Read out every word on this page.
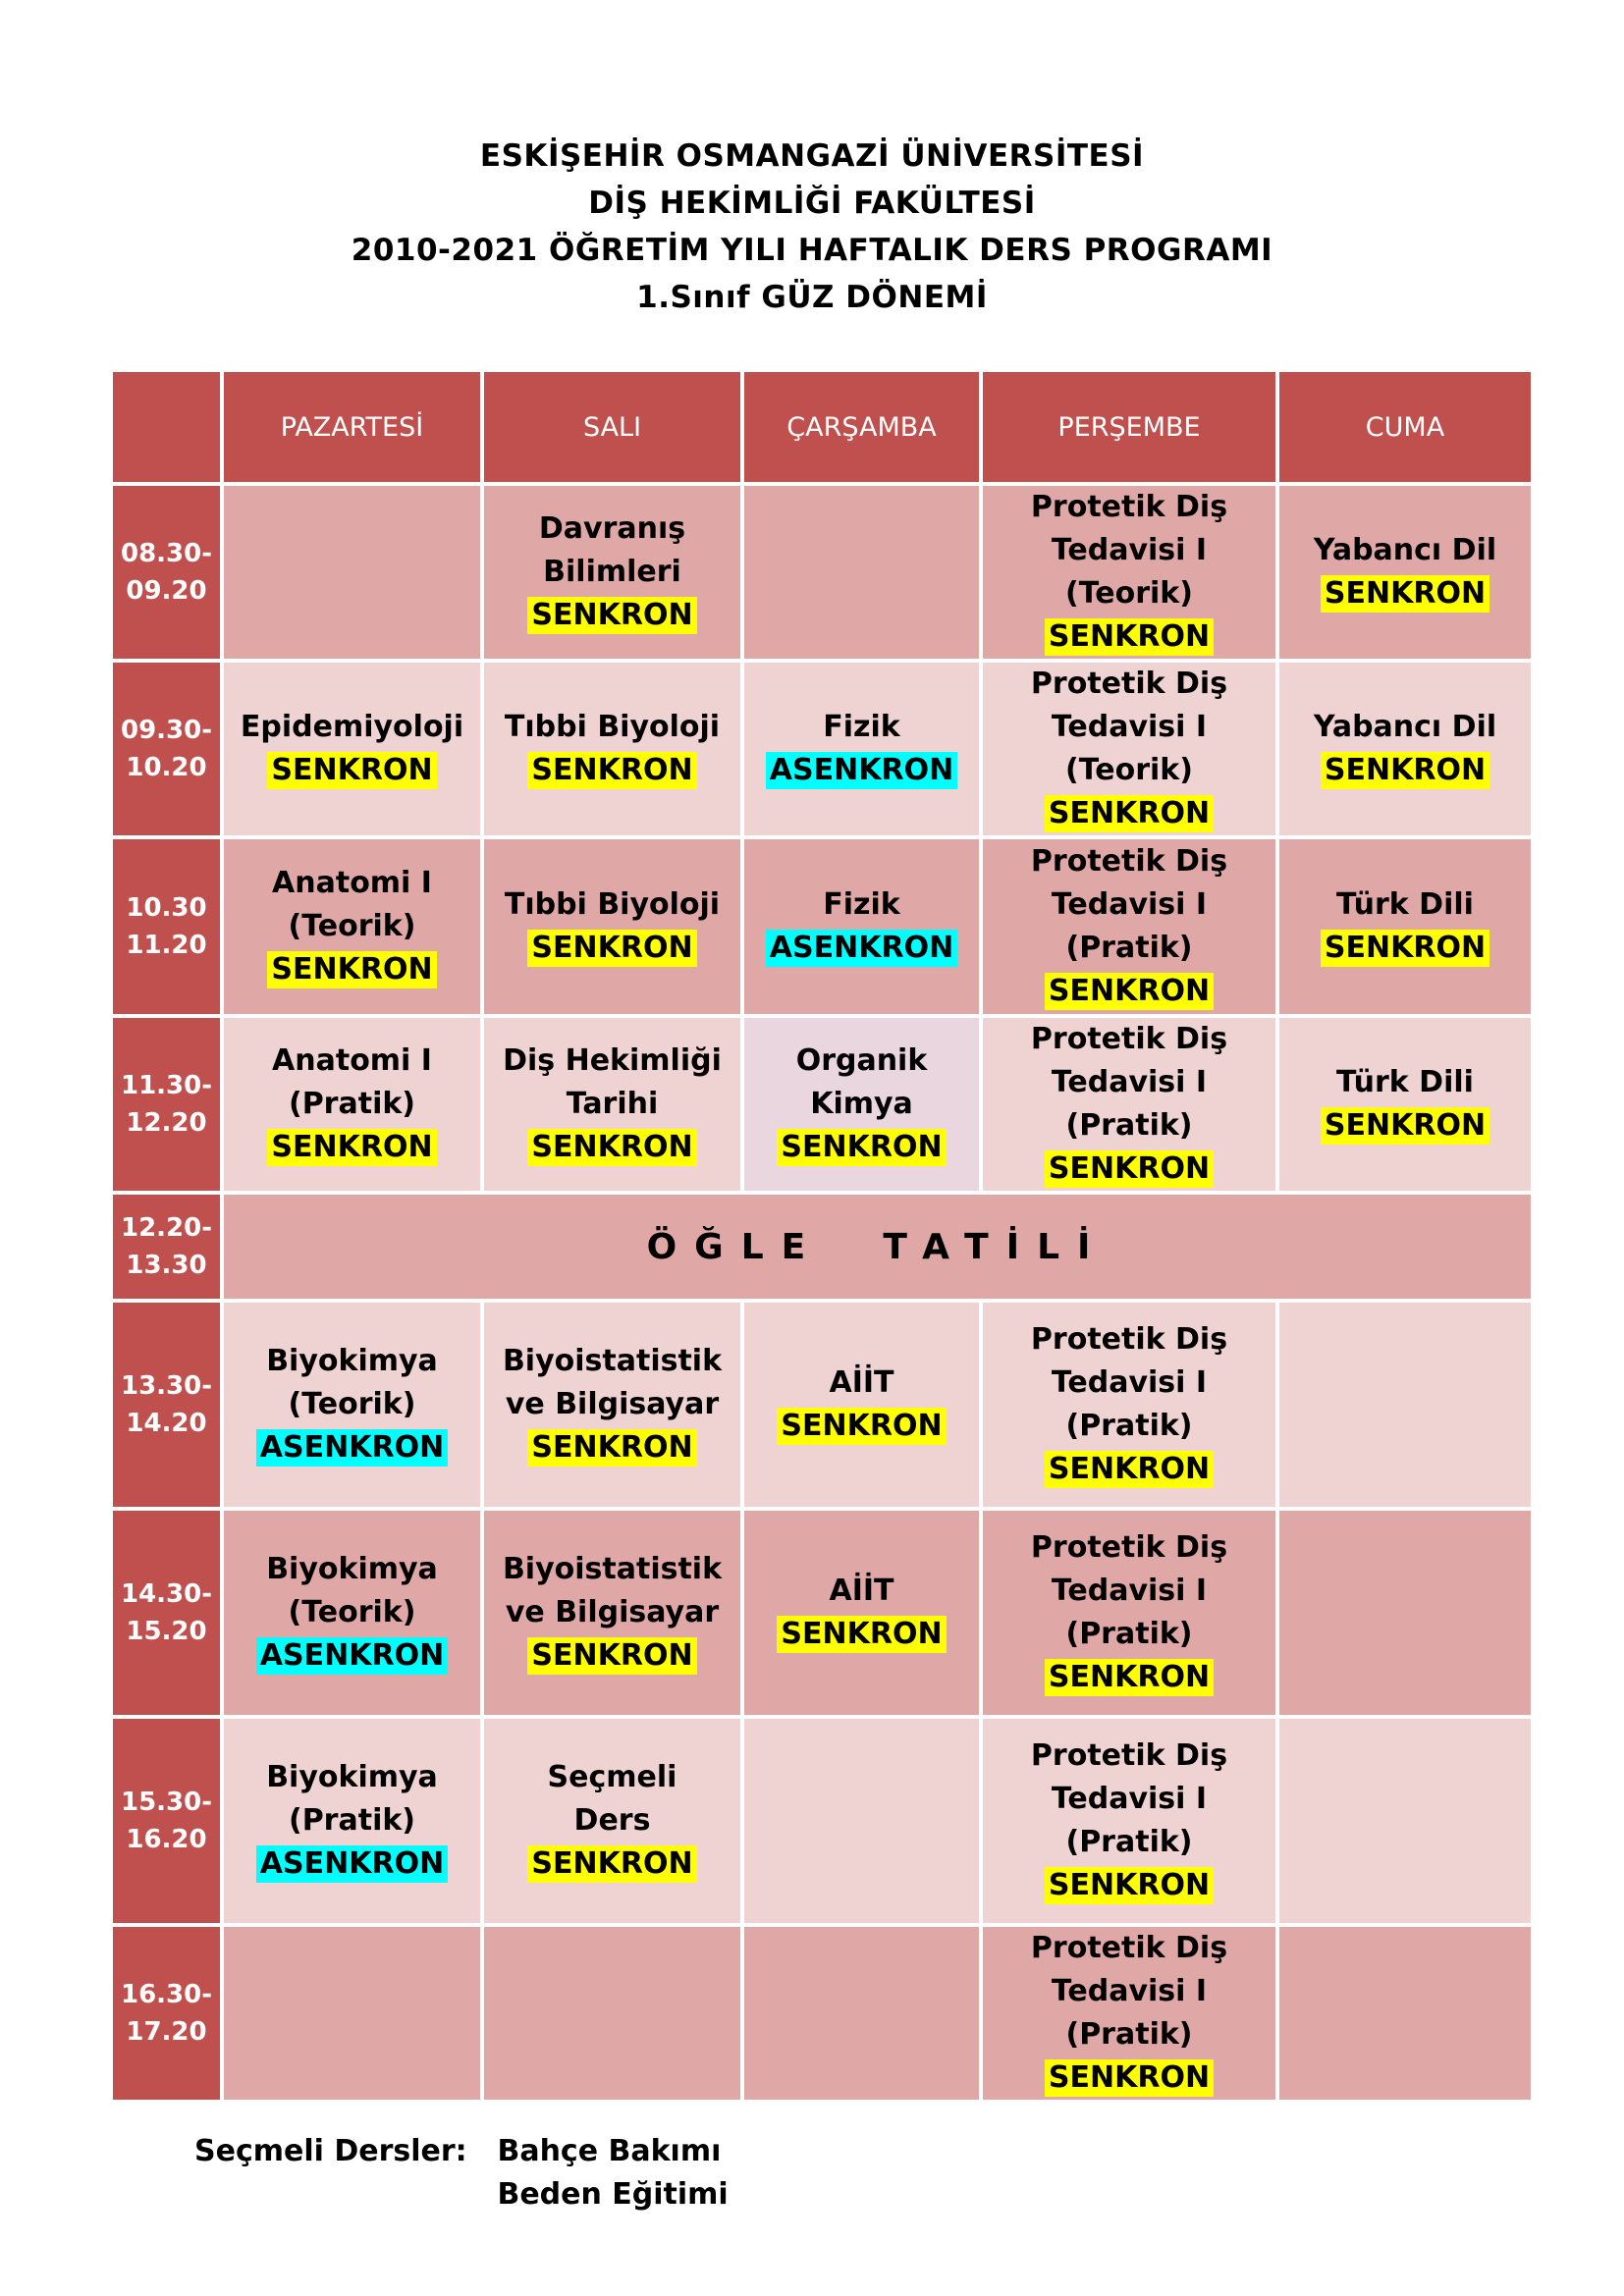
ESKİŞEHİR OSMANGAZİ ÜNİVERSİTESİ
DİŞ HEKİMLİĞİ FAKÜLTESİ
2010-2021 ÖĞRETİM YILI HAFTALIK DERS PROGRAMI
1.Sınıf GÜZ DÖNEMİ
	PAZARTESİ	SALI	ÇARŞAMBA	PERŞEMBE	CUMA

08.30-
09.20		Davranış
Bilimleri
SENKRON		Protetik Diş
Tedavisi I
(Teorik)
SENKRON	Yabancı Dil
SENKRON

09.30-
10.20	Epidemiyoloji
SENKRON	Tıbbi Biyoloji
SENKRON	Fizik
ASENKRON	Protetik Diş
Tedavisi I
(Teorik)
SENKRON	Yabancı Dil
SENKRON

10.30
11.20	Anatomi I
(Teorik)
SENKRON	Tıbbi Biyoloji
SENKRON	Fizik
ASENKRON	Protetik Diş
Tedavisi I
(Pratik)
SENKRON	Türk Dili
SENKRON

11.30-
12.20	Anatomi I
(Pratik)
SENKRON	Diş Hekimliği
Tarihi
SENKRON	Organik
Kimya
SENKRON	Protetik Diş
Tedavisi I
(Pratik)
SENKRON	Türk Dili
SENKRON

12.20-
13.30	ÖĞLE  TATİLİ				

13.30-
14.20	Biyokimya
(Teorik)
ASENKRON	Biyoistatistik
ve Bilgisayar
SENKRON	AİİT
SENKRON	Protetik Diş
Tedavisi I
(Pratik)
SENKRON	

14.30-
15.20	Biyokimya
(Teorik)
ASENKRON	Biyoistatistik
ve Bilgisayar
SENKRON	AİİT
SENKRON	Protetik Diş
Tedavisi I
(Pratik)
SENKRON	

15.30-
16.20	Biyokimya
(Pratik)
ASENKRON	Seçmeli
Ders
SENKRON		Protetik Diş
Tedavisi I
(Pratik)
SENKRON	

16.30-
17.20				Protetik Diş
Tedavisi I
(Pratik)
SENKRON	

Seçmeli Dersler: Bahçe Bakımı
Beden Eğitimi
